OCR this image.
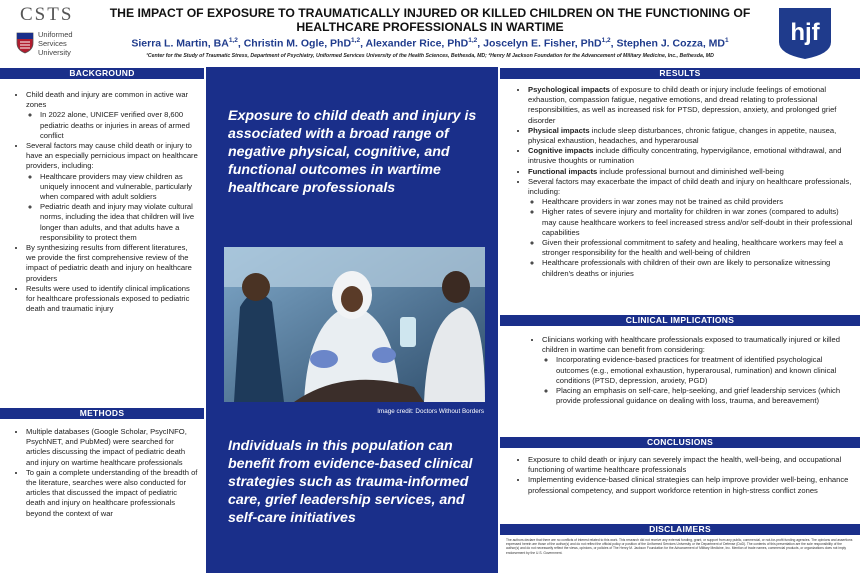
CSTS
Uniformed
Services
University
THE IMPACT OF EXPOSURE TO TRAUMATICALLY INJURED OR KILLED CHILDREN ON THE FUNCTIONING OF HEALTHCARE PROFESSIONALS IN WARTIME
Sierra L. Martin, BA$^{1,2}$, Christin M. Ogle, PhD$^{1,2}$, Alexander Rice, PhD$^{1,2}$, Joscelyn E. Fisher, PhD$^{1,2}$, Stephen J. Cozza, $MD^1$
¹Center for the Study of Traumatic Stress, Department of Psychiatry, Uniformed Services University of the Health Sciences, Bethesda, MD; ²Henry M Jackson Foundation for the Advancement of Military Medicine, Inc., Bethesda, MD
hjf
BACKGROUND
• Child death and injury are common in active war zones
◦ In 2022 alone, UNICEF verified over 8,600 pediatric deaths or injuries in areas of armed conflict
• Several factors may cause child death or injury to have an especially pernicious impact on healthcare providers, including:
◦ Healthcare providers may view children as uniquely innocent and vulnerable, particularly when compared with adult soldiers
◦ Pediatric death and injury may violate cultural norms, including the idea that children will live longer than adults, and that adults have a responsibility to protect them
• By synthesizing results from different literatures, we provide the first comprehensive review of the impact of pediatric death and injury on healthcare providers
• Results were used to identify clinical implications for healthcare professionals exposed to pediatric death and traumatic injury
METHODS
• Multiple databases (Google Scholar, PsycINFO, PsychNET, and PubMed) were searched for articles discussing the impact of pediatric death and injury on wartime healthcare professionals
• To gain a complete understanding of the breadth of the literature, searches were also conducted for articles that discussed the impact of pediatric death and injury on healthcare professionals beyond the context of war
Exposure to child death and injury is associated with a broad range of negative physical, cognitive, and functional outcomes in wartime healthcare professionals
Image credit: Doctors Without Borders
Individuals in this population can benefit from evidence-based clinical strategies such as trauma-informed care, grief leadership services, and self-care initiatives
RESULTS
• Psychological impacts of exposure to child death or injury include feelings of emotional exhaustion, compassion fatigue, negative emotions, and dread relating to professional responsibilities, as well as increased risk for PTSD, depression, anxiety, and prolonged grief disorder
• Physical impacts include sleep disturbances, chronic fatigue, changes in appetite, nausea, physical exhaustion, headaches, and hyperarousal
• Cognitive impacts include difficulty concentrating, hypervigilance, emotional withdrawal, and intrusive thoughts or rumination
• Functional impacts include professional burnout and diminished well-being
• Several factors may exacerbate the impact of child death and injury on healthcare professionals, including:
◦ Healthcare providers in war zones may not be trained as child providers
◦ Higher rates of severe injury and mortality for children in war zones (compared to adults) may cause healthcare workers to feel increased stress and/or self-doubt in their professional capabilities
◦ Given their professional commitment to safety and healing, healthcare workers may feel a stronger responsibility for the health and well-being of children
◦ Healthcare professionals with children of their own are likely to personalize witnessing children's deaths or injuries
CLINICAL IMPLICATIONS
• Clinicians working with healthcare professionals exposed to traumatically injured or killed children in wartime can benefit from considering:
◦ Incorporating evidence-based practices for treatment of identified psychological outcomes (e.g., emotional exhaustion, hyperarousal, rumination) and known clinical conditions (PTSD, depression, anxiety, PGD)
◦ Placing an emphasis on self-care, help-seeking, and grief leadership services (which provide professional guidance on dealing with loss, trauma, and bereavement)
CONCLUSIONS
• Exposure to child death or injury can severely impact the health, well-being, and occupational functioning of wartime healthcare professionals
• Implementing evidence-based clinical strategies can help improve provider well-being, enhance professional competency, and support workforce retention in high-stress conflict zones
DISCLAIMERS
The authors declare that there are no conflicts of interest related to this work. This research did not receive any external funding, grant, or support from any public, commercial, or not-for-profit funding agencies. The opinions and assertions expressed herein are those of the author(s) and do not reflect the official policy or position of the Uniformed Services University or the Department of Defense (DoD). The contents of this presentation are the sole responsibility of the author(s) and do not necessarily reflect the views, opinions, or policies of The Henry M. Jackson Foundation for the Advancement of Military Medicine, Inc. Mention of trade names, commercial products, or organizations does not imply endorsement by the U.S. Government.
